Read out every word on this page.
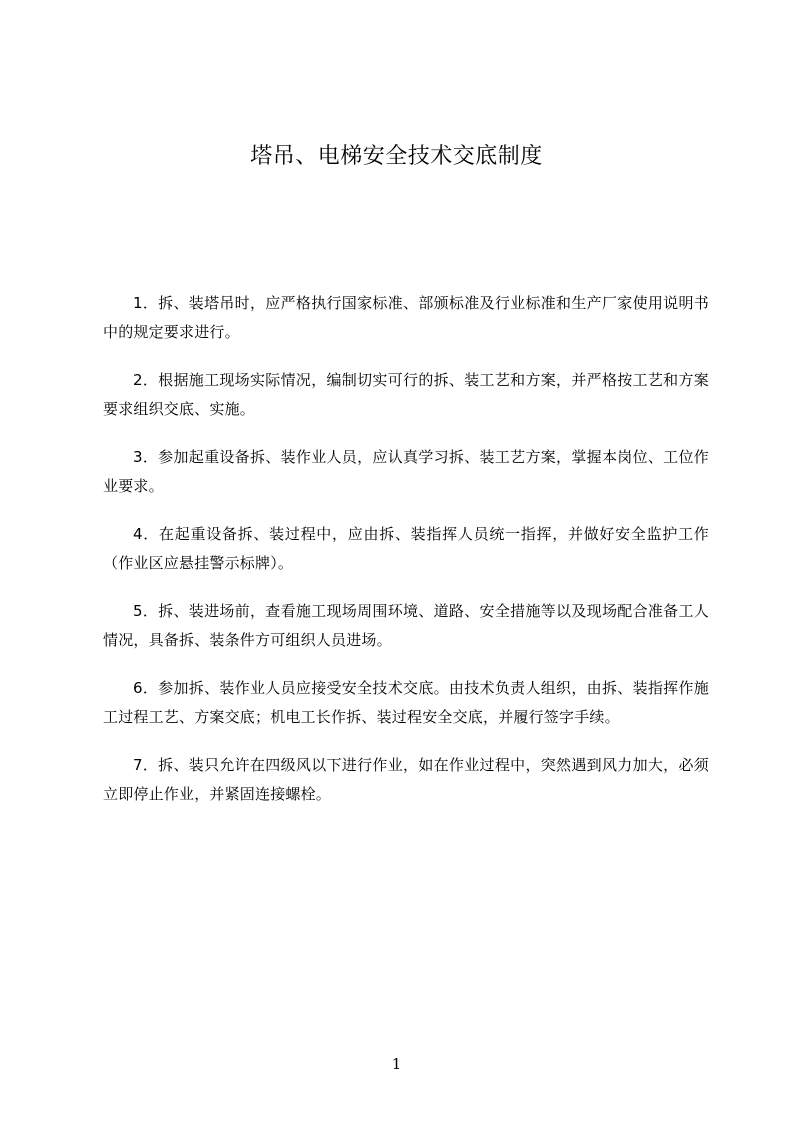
塔吊、电梯安全技术交底制度

1．拆、装塔吊时，应严格执行国家标准、部颁标准及行业标准和生产厂家使用说明书中的规定要求进行。

2．根据施工现场实际情况，编制切实可行的拆、装工艺和方案，并严格按工艺和方案要求组织交底、实施。

3．参加起重设备拆、装作业人员，应认真学习拆、装工艺方案，掌握本岗位、工位作业要求。

4．在起重设备拆、装过程中，应由拆、装指挥人员统一指挥，并做好安全监护工作（作业区应悬挂警示标牌）。

5．拆、装进场前，查看施工现场周围环境、道路、安全措施等以及现场配合准备工人情况，具备拆、装条件方可组织人员进场。

6．参加拆、装作业人员应接受安全技术交底。由技术负责人组织，由拆、装指挥作施工过程工艺、方案交底；机电工长作拆、装过程安全交底，并履行签字手续。

7．拆、装只允许在四级风以下进行作业，如在作业过程中，突然遇到风力加大，必须立即停止作业，并紧固连接螺栓。

1
